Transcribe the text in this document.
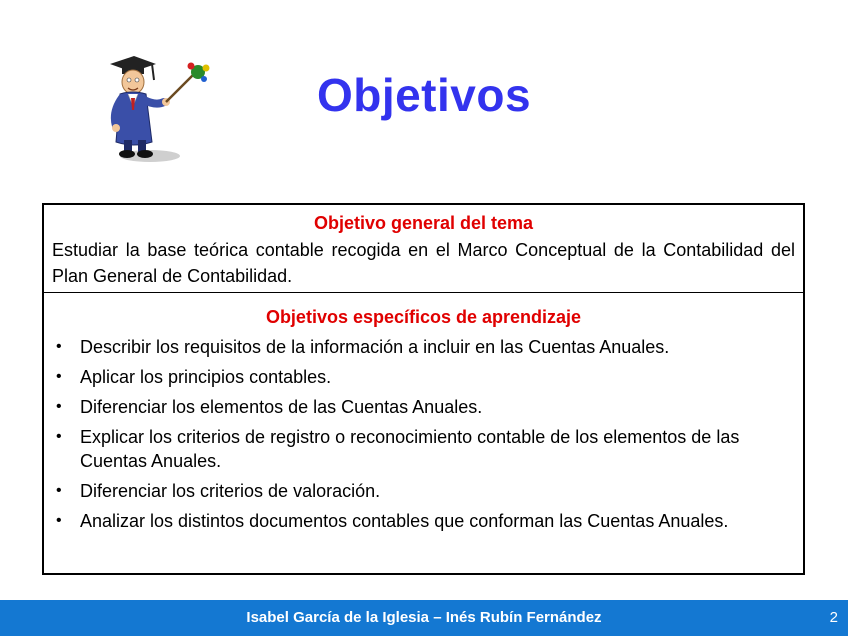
Objetivos
Objetivo general del tema
Estudiar la base teórica contable recogida en el Marco Conceptual de la Contabilidad del Plan General de Contabilidad.
Objetivos específicos de aprendizaje
• Describir los requisitos de la información a incluir en las Cuentas Anuales.
• Aplicar los principios contables.
• Diferenciar los elementos de las Cuentas Anuales.
• Explicar los criterios de registro o reconocimiento contable de los elementos de las Cuentas Anuales.
• Diferenciar los criterios de valoración.
• Analizar los distintos documentos contables que conforman las Cuentas Anuales.
Isabel García de la Iglesia – Inés Rubín Fernández	2
